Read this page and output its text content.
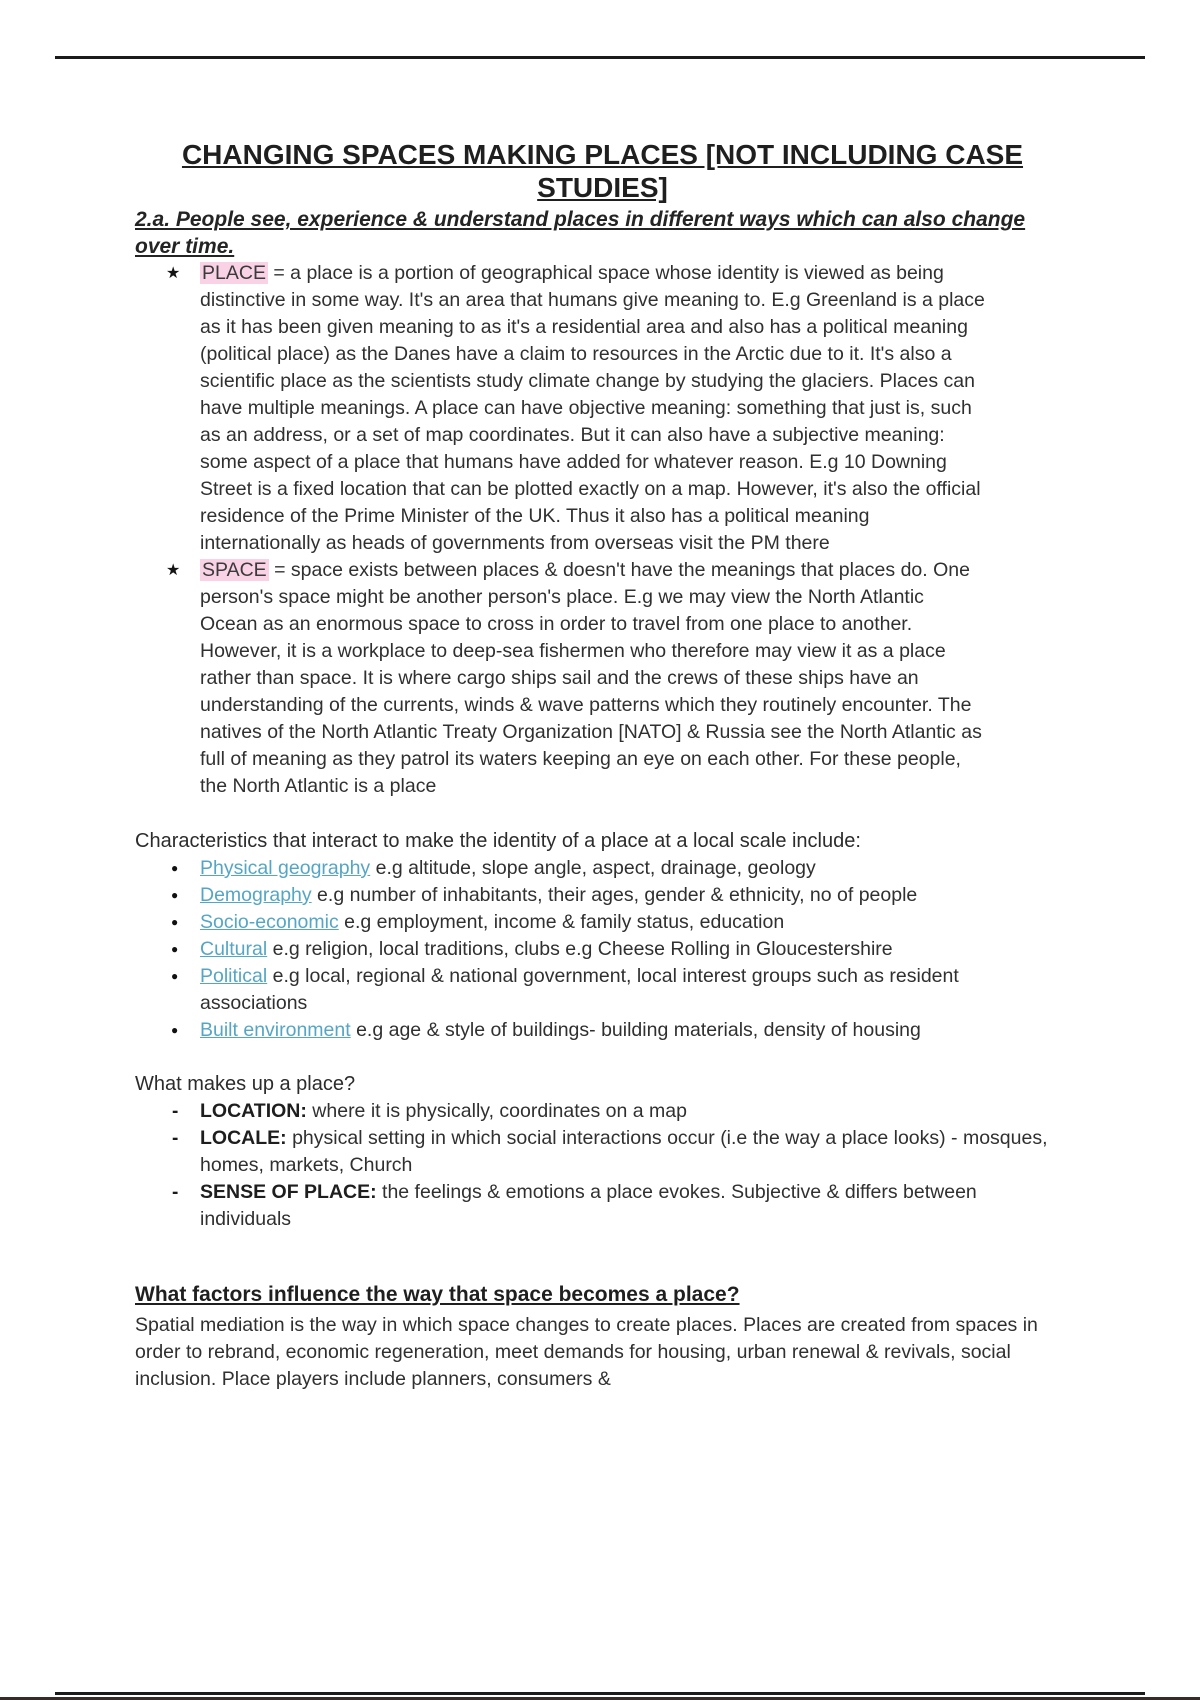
CHANGING SPACES MAKING PLACES [NOT INCLUDING CASE STUDIES]
2.a. People see, experience & understand places in different ways which can also change over time.
★	PLACE = a place is a portion of geographical space whose identity is viewed as being distinctive in some way. It's an area that humans give meaning to. E.g Greenland is a place as it has been given meaning to as it's a residential area and also has a political meaning (political place) as the Danes have a claim to resources in the Arctic due to it. It's also a scientific place as the scientists study climate change by studying the glaciers. Places can have multiple meanings. A place can have objective meaning: something that just is, such as an address, or a set of map coordinates. But it can also have a subjective meaning: some aspect of a place that humans have added for whatever reason. E.g 10 Downing Street is a fixed location that can be plotted exactly on a map. However, it's also the official residence of the Prime Minister of the UK. Thus it also has a political meaning internationally as heads of governments from overseas visit the PM there
★	SPACE = space exists between places & doesn't have the meanings that places do. One person's space might be another person's place. E.g we may view the North Atlantic Ocean as an enormous space to cross in order to travel from one place to another. However, it is a workplace to deep-sea fishermen who therefore may view it as a place rather than space. It is where cargo ships sail and the crews of these ships have an understanding of the currents, winds & wave patterns which they routinely encounter. The natives of the North Atlantic Treaty Organization [NATO] & Russia see the North Atlantic as full of meaning as they patrol its waters keeping an eye on each other. For these people, the North Atlantic is a place

Characteristics that interact to make the identity of a place at a local scale include:

●	Physical geography e.g altitude, slope angle, aspect, drainage, geology
●	Demography e.g number of inhabitants, their ages, gender & ethnicity, no of people
●	Socio-economic e.g employment, income & family status, education
●	Cultural e.g religion, local traditions, clubs e.g Cheese Rolling in Gloucestershire
●	Political e.g local, regional & national government, local interest groups such as resident associations
●	Built environment e.g age & style of buildings- building materials, density of housing

What makes up a place?

-	LOCATION: where it is physically, coordinates on a map
-	LOCALE: physical setting in which social interactions occur (i.e the way a place looks) - mosques, homes, markets, Church
-	SENSE OF PLACE: the feelings & emotions a place evokes. Subjective & differs between individuals

What factors influence the way that space becomes a place?

Spatial mediation is the way in which space changes to create places. Places are created from spaces in order to rebrand, economic regeneration, meet demands for housing, urban renewal & revivals, social inclusion. Place players include planners, consumers &
